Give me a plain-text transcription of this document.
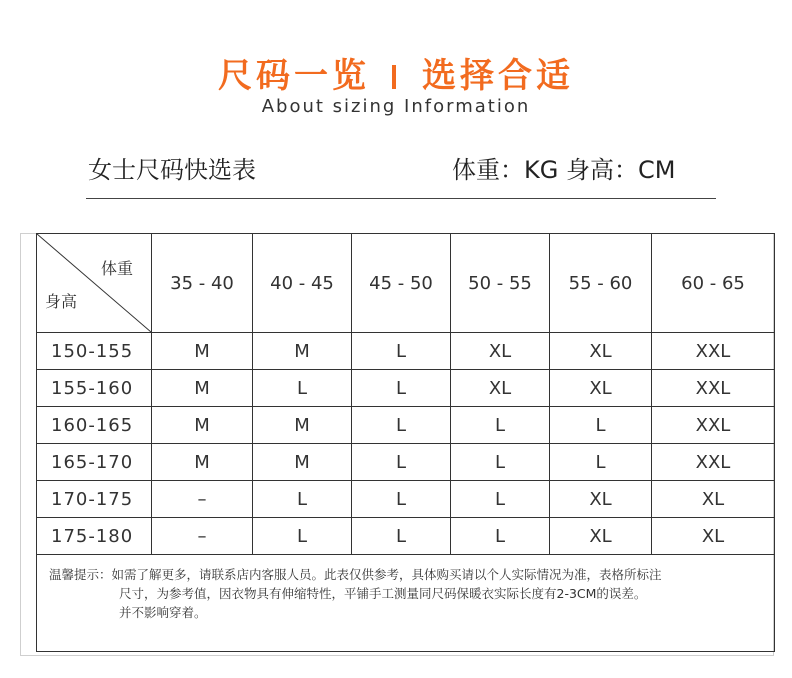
尺码一览 选择合适
About sizing Information
女士尺码快选表	体重：KG 身高：CM
体重
身高	35 - 40	40 - 45	45 - 50	50 - 55	55 - 60	60 - 65
150-155	M	M	L	XL	XL	XXL
155-160	M	L	L	XL	XL	XXL
160-165	M	M	L	L	L	XXL
165-170	M	M	L	L	L	XXL
170-175	–	L	L	L	XL	XL
175-180	–	L	L	L	XL	XL

温馨提示：如需了解更多，请联系店内客服人员。此表仅供参考，具体购买请以个人实际情况为准，表格所标注
尺寸，为参考值，因衣物具有伸缩特性，平铺手工测量同尺码保暖衣实际长度有2-3CM的误差。
并不影响穿着。						
